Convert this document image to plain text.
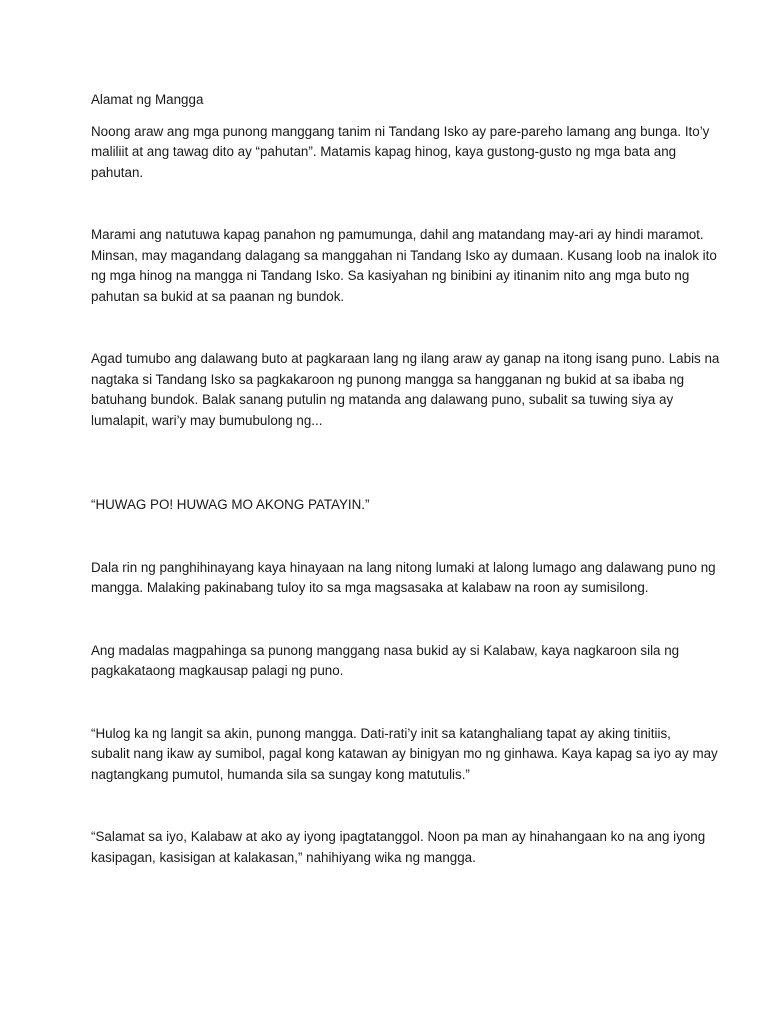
Alamat ng Mangga
Noong araw ang mga punong manggang tanim ni Tandang Isko ay pare-pareho lamang ang bunga. Ito’y
maliliit at ang tawag dito ay “pahutan”. Matamis kapag hinog, kaya gustong-gusto ng mga bata ang
pahutan.
Marami ang natutuwa kapag panahon ng pamumunga, dahil ang matandang may-ari ay hindi maramot.
Minsan, may magandang dalagang sa manggahan ni Tandang Isko ay dumaan. Kusang loob na inalok ito
ng mga hinog na mangga ni Tandang Isko. Sa kasiyahan ng binibini ay itinanim nito ang mga buto ng
pahutan sa bukid at sa paanan ng bundok.
Agad tumubo ang dalawang buto at pagkaraan lang ng ilang araw ay ganap na itong isang puno. Labis na
nagtaka si Tandang Isko sa pagkakaroon ng punong mangga sa hangganan ng bukid at sa ibaba ng
batuhang bundok. Balak sanang putulin ng matanda ang dalawang puno, subalit sa tuwing siya ay
lumalapit, wari’y may bumubulong ng...
“HUWAG PO! HUWAG MO AKONG PATAYIN.”
Dala rin ng panghihinayang kaya hinayaan na lang nitong lumaki at lalong lumago ang dalawang puno ng
mangga. Malaking pakinabang tuloy ito sa mga magsasaka at kalabaw na roon ay sumisilong.
Ang madalas magpahinga sa punong manggang nasa bukid ay si Kalabaw, kaya nagkaroon sila ng
pagkakataong magkausap palagi ng puno.
“Hulog ka ng langit sa akin, punong mangga. Dati-rati’y init sa katanghaliang tapat ay aking tinitiis,
subalit nang ikaw ay sumibol, pagal kong katawan ay binigyan mo ng ginhawa. Kaya kapag sa iyo ay may
nagtangkang pumutol, humanda sila sa sungay kong matutulis.”
“Salamat sa iyo, Kalabaw at ako ay iyong ipagtatanggol. Noon pa man ay hinahangaan ko na ang iyong
kasipagan, kasisigan at kalakasan,” nahihiyang wika ng mangga.
